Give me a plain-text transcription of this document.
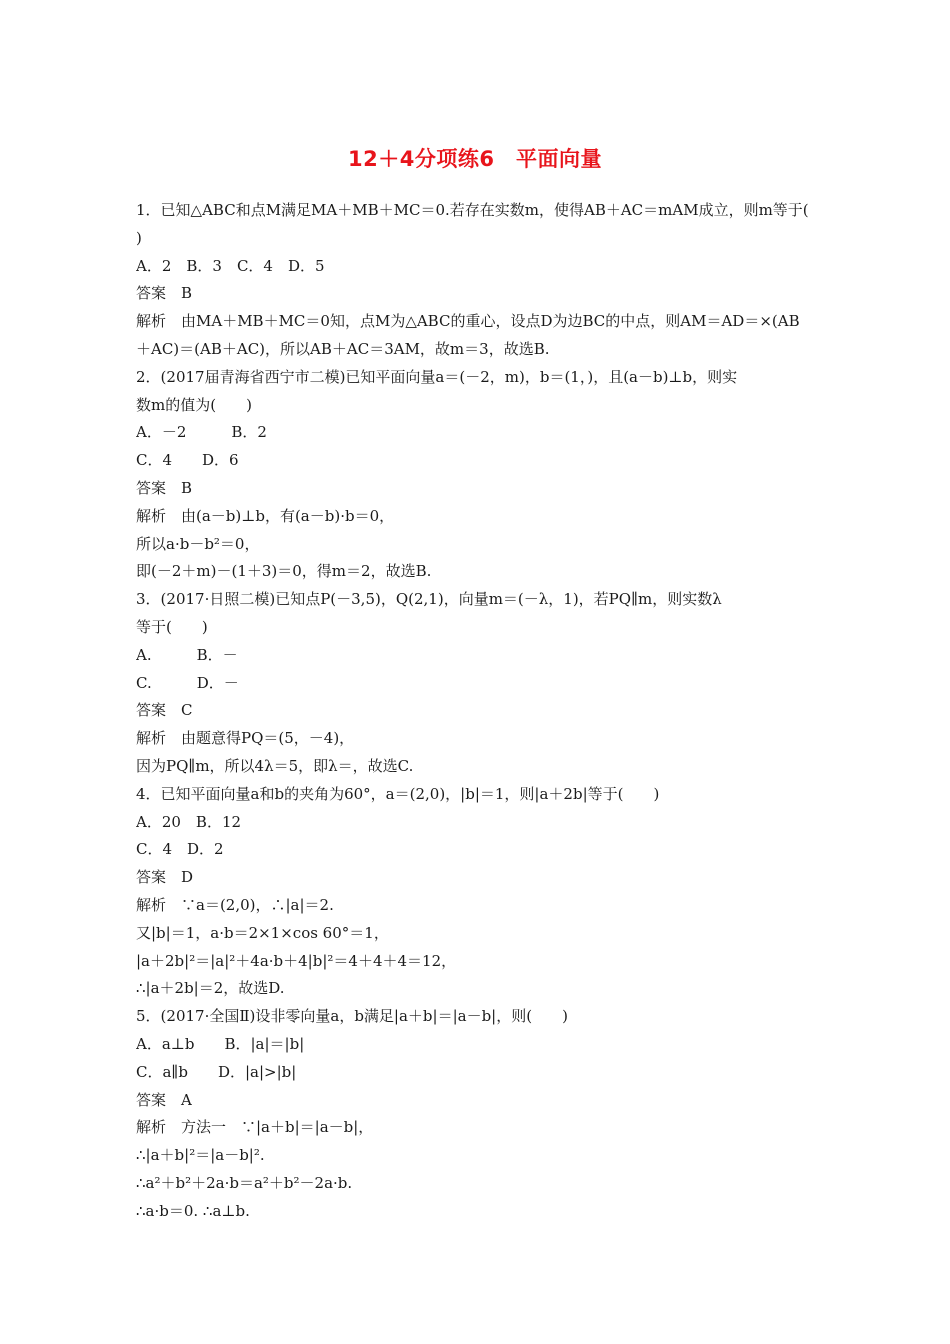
12＋4分项练6　平面向量
1．已知△ABC和点M满足MA＋MB＋MC＝0.若存在实数m，使得AB＋AC＝mAM成立，则m等于(
)
A．2　B．3　C．4　D．5
答案　B
解析　由MA＋MB＋MC＝0知，点M为△ABC的重心，设点D为边BC的中点，则AM＝AD＝×(AB
＋AC)＝(AB＋AC)，所以AB＋AC＝3AM，故m＝3，故选B.
2．(2017届青海省西宁市二模)已知平面向量a＝(－2，m)，b＝(1，)，且(a－b)⊥b，则实
数m的值为(　　)
A．－2　　　B．2
C．4　　D．6
答案　B
解析　由(a－b)⊥b，有(a－b)·b＝0，
所以a·b－b²＝0，
即(－2＋m)－(1＋3)＝0，得m＝2，故选B.
3．(2017·日照二模)已知点P(－3,5)，Q(2,1)，向量m＝(－λ，1)，若PQ∥m，则实数λ
等于(　　)
A.　　　B．－
C.　　　D．－
答案　C
解析　由题意得PQ＝(5，－4)，
因为PQ∥m，所以4λ＝5，即λ＝，故选C.
4．已知平面向量a和b的夹角为60°，a＝(2,0)，|b|＝1，则|a＋2b|等于(　　)
A．20　B．12
C．4　D．2
答案　D
解析　∵a＝(2,0)，∴|a|＝2.
又|b|＝1，a·b＝2×1×cos 60°＝1，
|a＋2b|²＝|a|²＋4a·b＋4|b|²＝4＋4＋4＝12，
∴|a＋2b|＝2，故选D.
5．(2017·全国Ⅱ)设非零向量a，b满足|a＋b|＝|a－b|，则(　　)
A．a⊥b　　B．|a|＝|b|
C．a∥b　　D．|a|>|b|
答案　A
解析　方法一　∵|a＋b|＝|a－b|，
∴|a＋b|²＝|a－b|².
∴a²＋b²＋2a·b＝a²＋b²－2a·b.
∴a·b＝0. ∴a⊥b.
